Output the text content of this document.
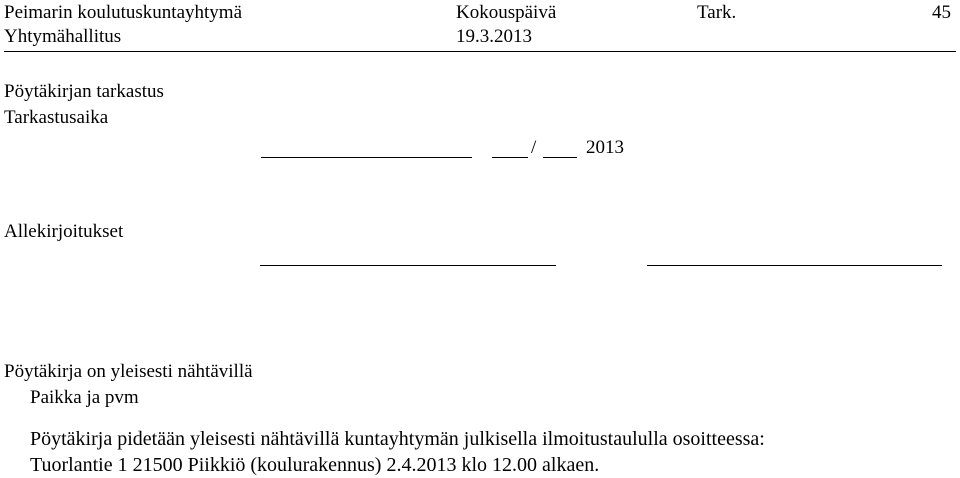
Peimarin koulutuskuntayhtymä
Yhtymähallitus
Kokouspäivä
19.3.2013
Tark.	45
Pöytäkirjan tarkastus
Tarkastusaika
/	2013
Allekirjoitukset
Pöytäkirja on yleisesti nähtävillä
Paikka ja pvm
Pöytäkirja pidetään yleisesti nähtävillä kuntayhtymän julkisella ilmoitustaululla osoitteessa:
Tuorlantie 1 21500 Piikkiö (koulurakennus) 2.4.2013 klo 12.00 alkaen.
